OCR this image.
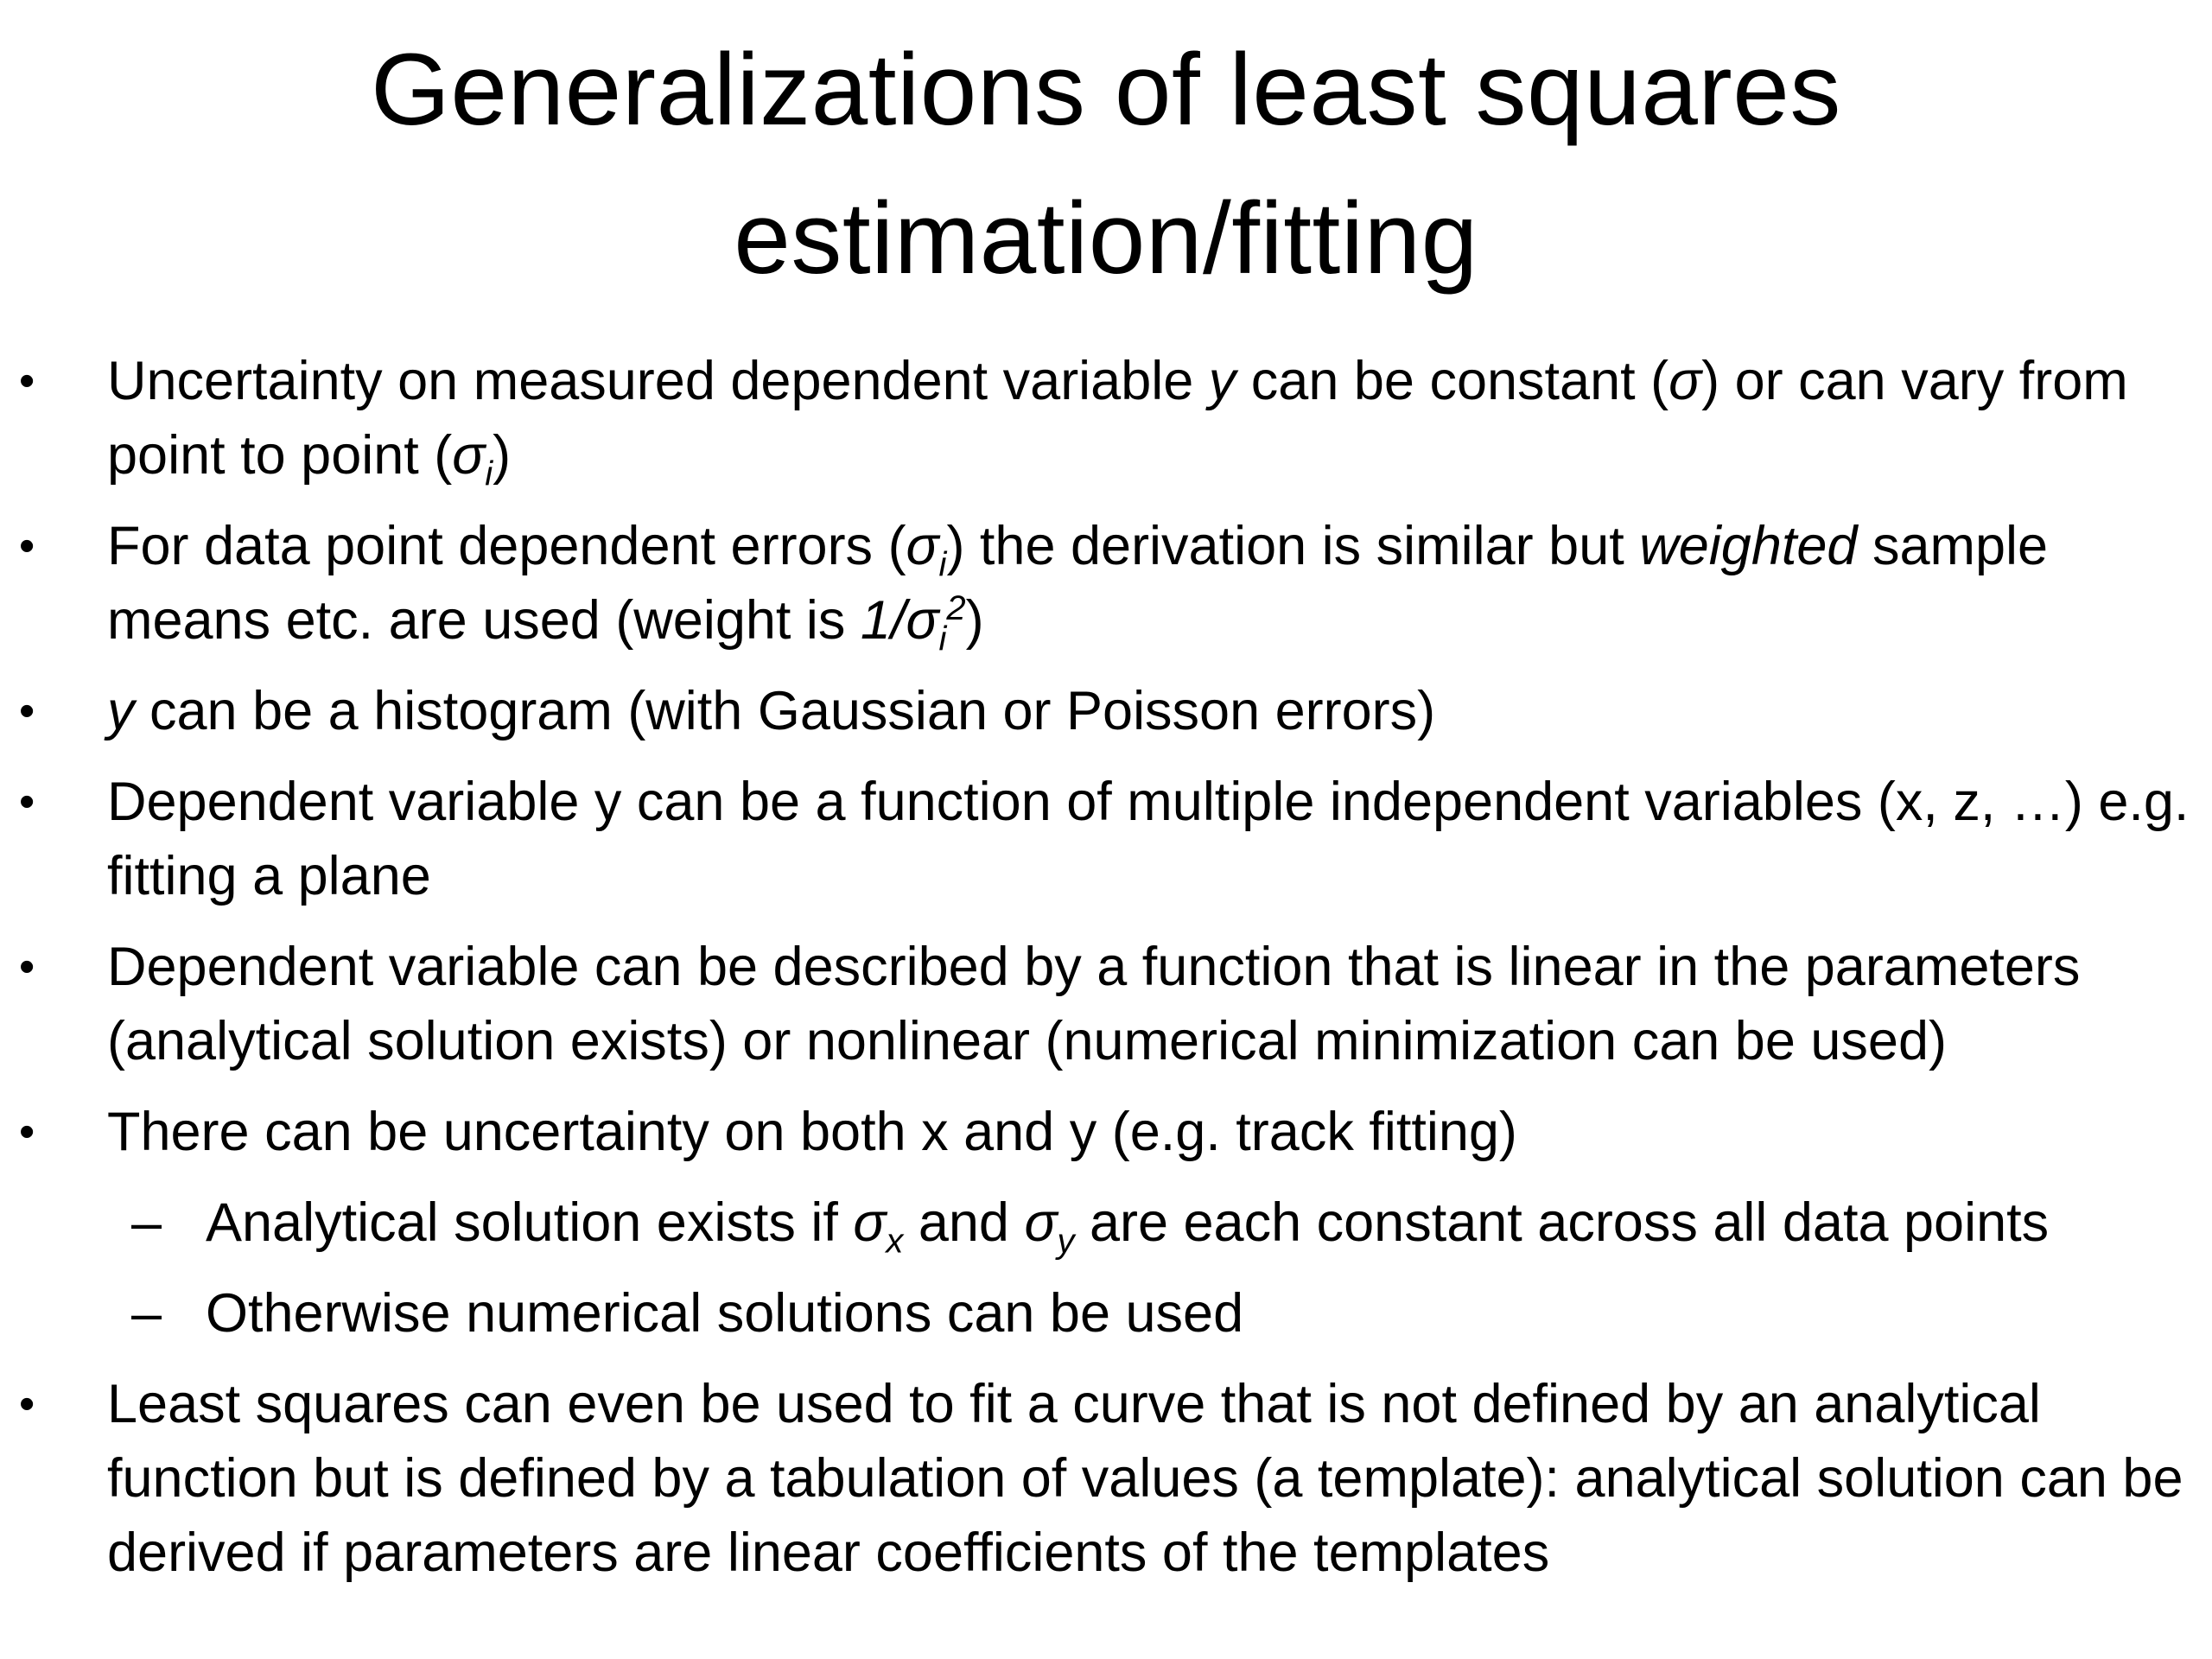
Generalizations of least squares
estimation/fitting
•	Uncertainty on measured dependent variable y can be constant (σ) or can vary from point to point $(\sigma_i)$
•	For data point dependent errors $(\sigma_i)$ the derivation is similar but weighted sample means etc. are used (weight is $1/\sigma_i^2$)
•	y can be a histogram (with Gaussian or Poisson errors)
•	Dependent variable y can be a function of multiple independent variables (x, z, …) e.g. fitting a plane
•	Dependent variable can be described by a function that is linear in the parameters (analytical solution exists) or nonlinear (numerical minimization can be used)
•	There can be uncertainty on both x and y (e.g. track fitting)
– Analytical solution exists if $\sigma_x$ and $\sigma_y$ are each constant across all data points
– Otherwise numerical solutions can be used
•	Least squares can even be used to fit a curve that is not defined by an analytical function but is defined by a tabulation of values (a template): analytical solution can be derived if parameters are linear coefficients of the templates
